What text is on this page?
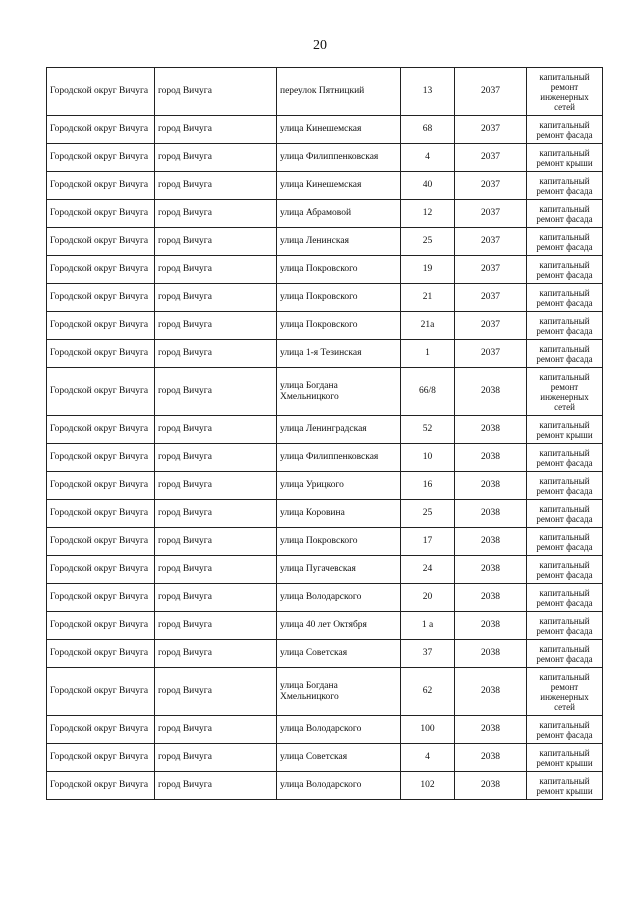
20
Городской округ Вичуга	город Вичуга	переулок Пятницкий	13	2037	капитальный ремонт инженерных сетей
Городской округ Вичуга	город Вичуга	улица Кинешемская	68	2037	капитальный ремонт фасада
Городской округ Вичуга	город Вичуга	улица Филиппенковская	4	2037	капитальный ремонт крыши
Городской округ Вичуга	город Вичуга	улица Кинешемская	40	2037	капитальный ремонт фасада
Городской округ Вичуга	город Вичуга	улица Абрамовой	12	2037	капитальный ремонт фасада
Городской округ Вичуга	город Вичуга	улица Ленинская	25	2037	капитальный ремонт фасада
Городской округ Вичуга	город Вичуга	улица Покровского	19	2037	капитальный ремонт фасада
Городской округ Вичуга	город Вичуга	улица Покровского	21	2037	капитальный ремонт фасада
Городской округ Вичуга	город Вичуга	улица Покровского	21а	2037	капитальный ремонт фасада
Городской округ Вичуга	город Вичуга	улица 1-я Тезинская	1	2037	капитальный ремонт фасада
Городской округ Вичуга	город Вичуга	улица Богдана Хмельницкого	66/8	2038	капитальный ремонт инженерных сетей
Городской округ Вичуга	город Вичуга	улица Ленинградская	52	2038	капитальный ремонт крыши
Городской округ Вичуга	город Вичуга	улица Филиппенковская	10	2038	капитальный ремонт фасада
Городской округ Вичуга	город Вичуга	улица Урицкого	16	2038	капитальный ремонт фасада
Городской округ Вичуга	город Вичуга	улица Коровина	25	2038	капитальный ремонт фасада
Городской округ Вичуга	город Вичуга	улица Покровского	17	2038	капитальный ремонт фасада
Городской округ Вичуга	город Вичуга	улица Пугачевская	24	2038	капитальный ремонт фасада
Городской округ Вичуга	город Вичуга	улица Володарского	20	2038	капитальный ремонт фасада
Городской округ Вичуга	город Вичуга	улица 40 лет Октября	1 а	2038	капитальный ремонт фасада
Городской округ Вичуга	город Вичуга	улица Советская	37	2038	капитальный ремонт фасада
Городской округ Вичуга	город Вичуга	улица Богдана Хмельницкого	62	2038	капитальный ремонт инженерных сетей
Городской округ Вичуга	город Вичуга	улица Володарского	100	2038	капитальный ремонт фасада
Городской округ Вичуга	город Вичуга	улица Советская	4	2038	капитальный ремонт крыши
Городской округ Вичуга	город Вичуга	улица Володарского	102	2038	капитальный ремонт крыши
